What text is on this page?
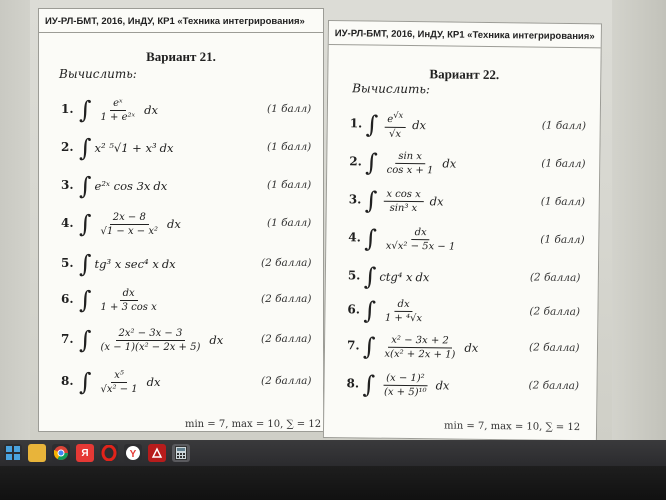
ИУ-РЛ-БМТ, 2016, ИнДУ, КР1 «Техника интегрирования»
Вариант 21.
Вычислить:
1. ∫ $\frac{\text{eˣ}}{\text{1 + e²ˣ}}$ dx	(1 балл)
2. ∫ x² ⁵√1 + x³ dx	(1 балл)
3. ∫ e²ˣ cos 3x dx	(1 балл)
4. ∫ $\frac{2x - 8}{\text{√1 − x − x²}}$ dx	(1 балл)
5. ∫ tg³ x sec⁴ x dx	(2 балла)
6. ∫ $\frac{dx}{\text{1 + 3 cos x}}$	(2 балла)
7. ∫ $\frac{\text{2x² − 3x − 3}}{\text{(x − 1)(x² − 2x + 5)}}$ dx	(2 балла)
8. ∫ $\frac{\text{x⁵}}{\text{√x² − 1}}$ dx	(2 балла)
min = 7, max = 10, ∑ = 12
ИУ-РЛ-БМТ, 2016, ИнДУ, КР1 «Техника интегрирования»
Вариант 22.
Вычислить:
1. ∫ $\frac{e^{√x}}{√x}$ dx	(1 балл)
2. ∫ $\frac{\text{sin x}}{\text{cos x + 1}}$ dx	(1 балл)
3. ∫ $\frac{\text{x cos x}}{\text{sin³ x}}$ dx	(1 балл)
4. ∫ $\frac{dx}{\text{x√x² − 5x − 1}}$	(1 балл)
5. ∫ ctg⁴ x dx	(2 балла)
6. ∫ $\frac{dx}{\text{1 + ⁴√x}}$	(2 балла)
7. ∫ $\frac{\text{x² − 3x + 2}}{\text{x(x² + 2x + 1)}}$ dx	(2 балла)
8. ∫ $\frac{\text{(x − 1)²}}{\text{(x + 5)¹⁰}}$ dx	(2 балла)
min = 7, max = 10, ∑ = 12
Я	Y
